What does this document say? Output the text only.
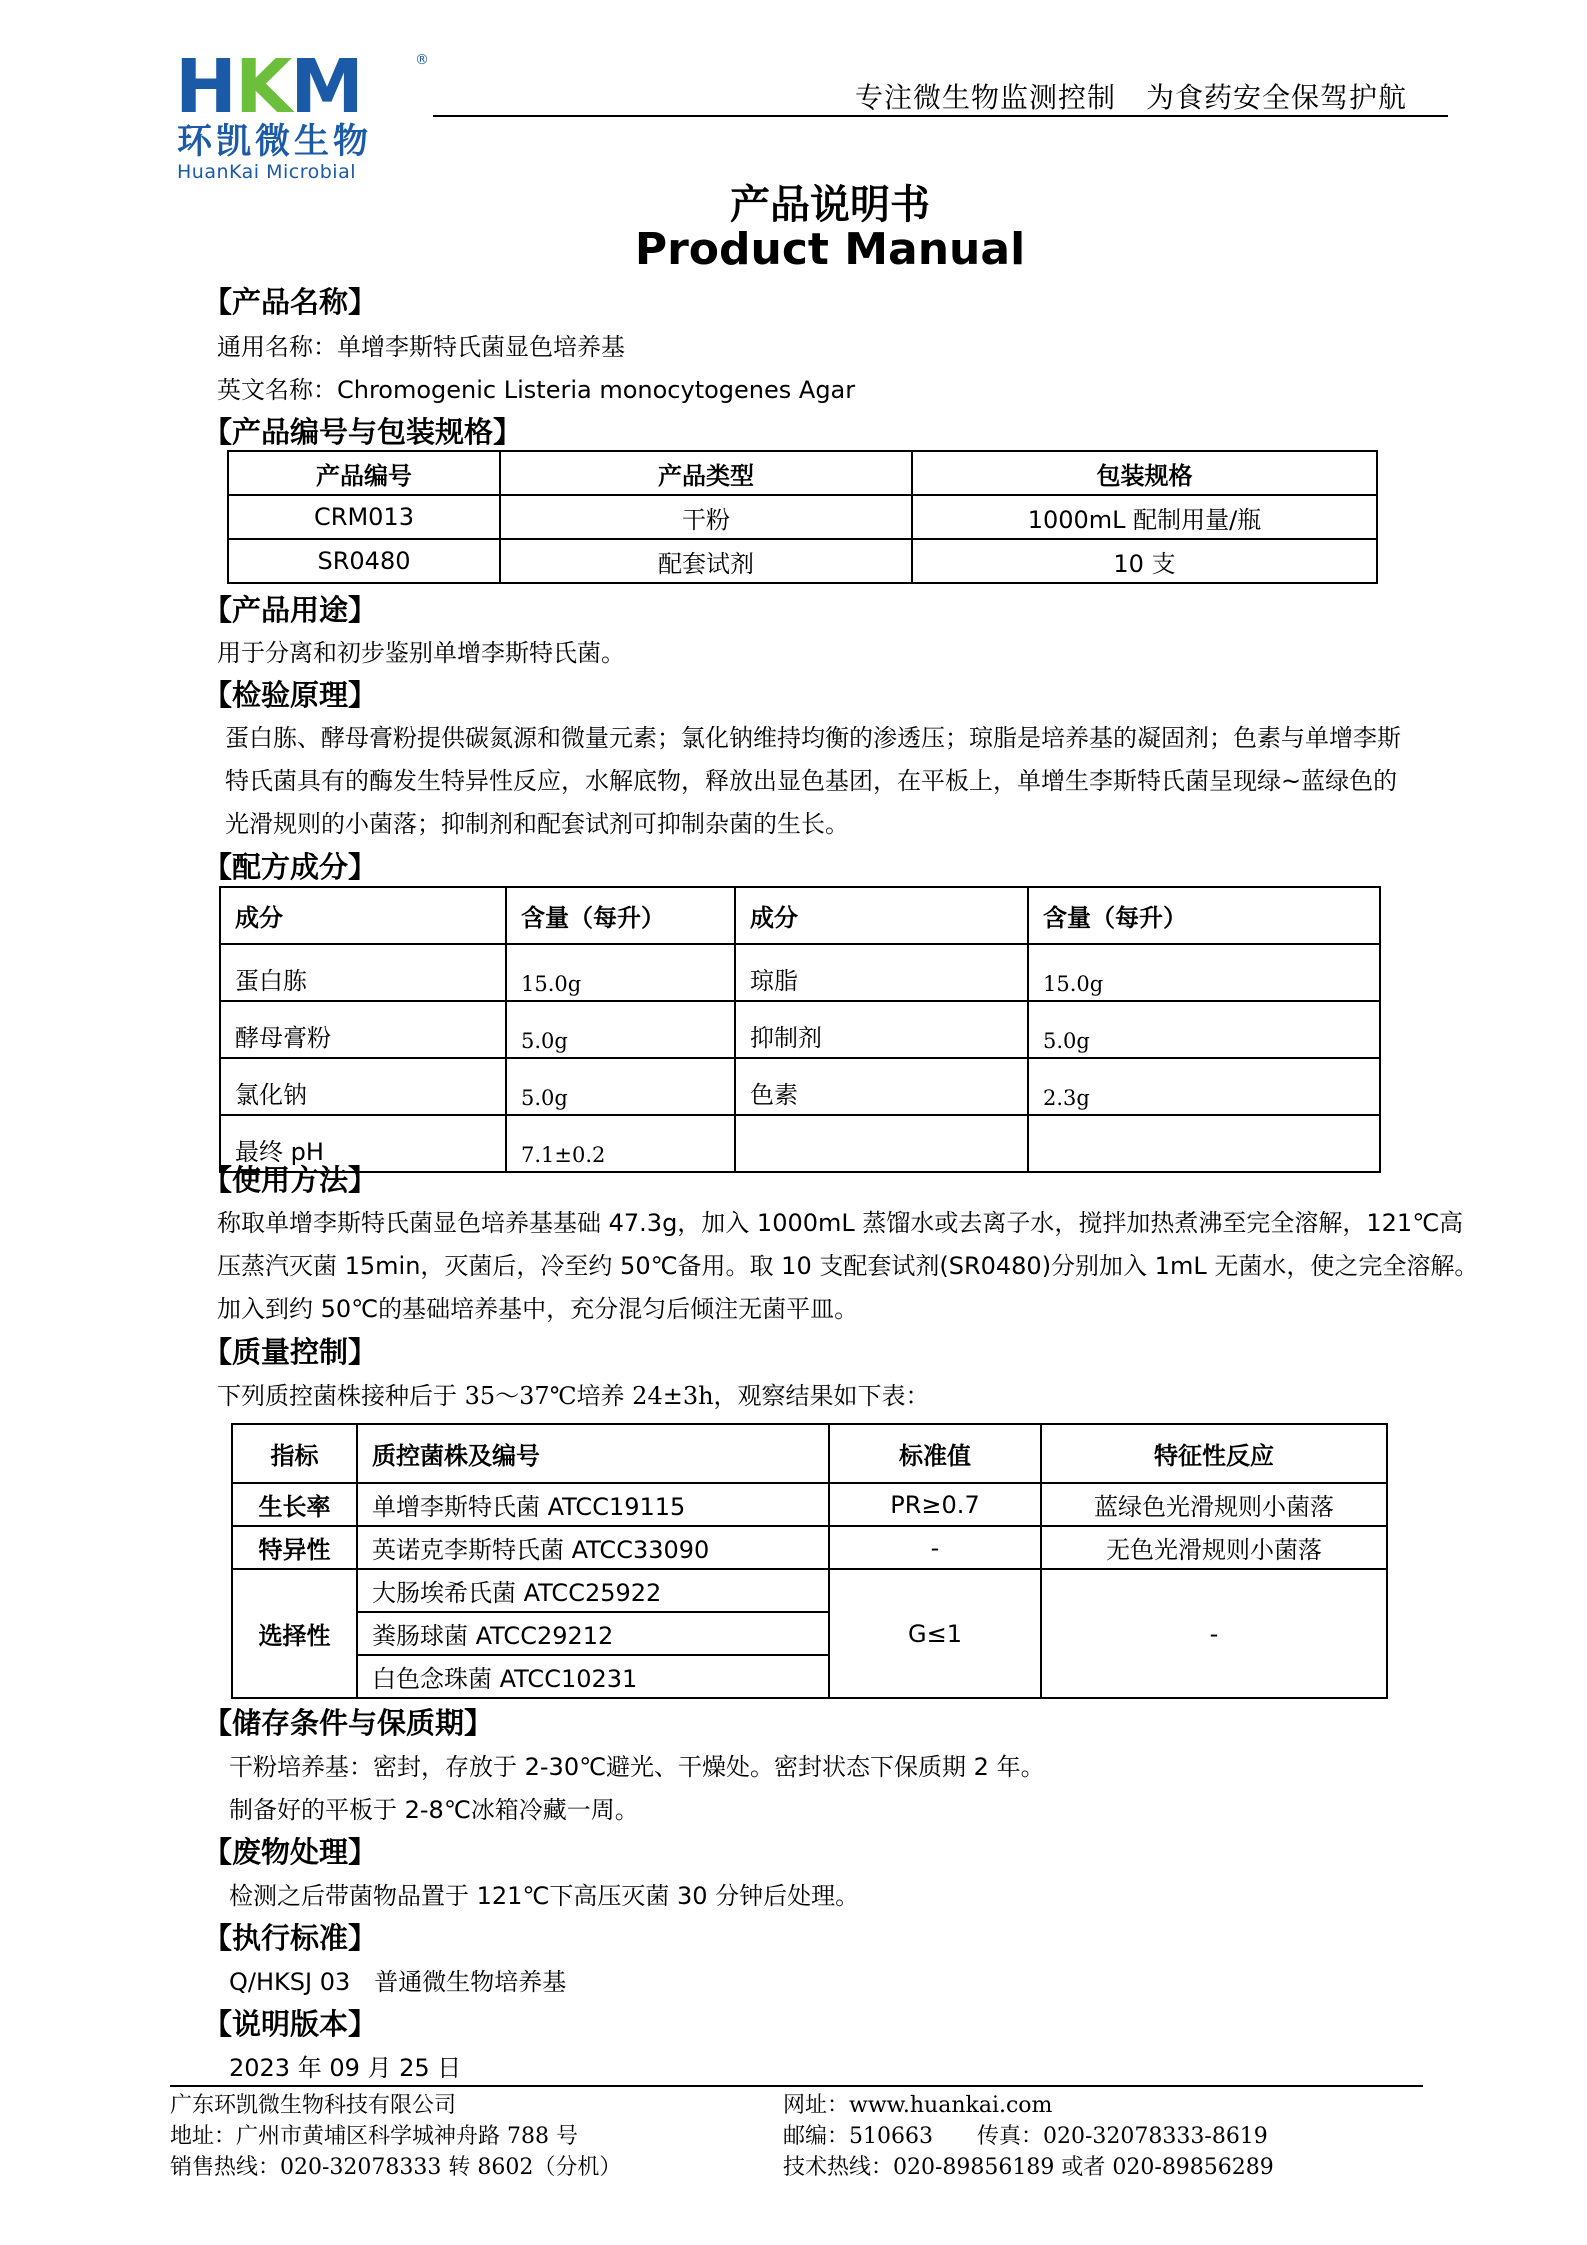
HKM	®
环凯微生物
HuanKai Microbial
专注微生物监测控制 为食药安全保驾护航
产品说明书
Product Manual
【产品名称】
通用名称：单增李斯特氏菌显色培养基
英文名称：Chromogenic Listeria monocytogenes Agar
【产品编号与包装规格】
产品编号	产品类型	包装规格
CRM013	干粉	1000mL 配制用量/瓶
SR0480	配套试剂	10 支
【产品用途】
用于分离和初步鉴别单增李斯特氏菌。
【检验原理】
蛋白胨、酵母膏粉提供碳氮源和微量元素；氯化钠维持均衡的渗透压；琼脂是培养基的凝固剂；色素与单增李斯
特氏菌具有的酶发生特异性反应，水解底物，释放出显色基团，在平板上，单增生李斯特氏菌呈现绿~蓝绿色的
光滑规则的小菌落；抑制剂和配套试剂可抑制杂菌的生长。
【配方成分】
成分	含量（每升）	成分	含量（每升）
蛋白胨	15.0g	琼脂	15.0g
酵母膏粉	5.0g	抑制剂	5.0g
氯化钠	5.0g	色素	2.3g
最终 pH	7.1±0.2		
【使用方法】
称取单增李斯特氏菌显色培养基基础 47.3g，加入 1000mL 蒸馏水或去离子水，搅拌加热煮沸至完全溶解，121℃高
压蒸汽灭菌 15min，灭菌后，冷至约 50℃备用。取 10 支配套试剂(SR0480)分别加入 1mL 无菌水，使之完全溶解。
加入到约 50℃的基础培养基中，充分混匀后倾注无菌平皿。
【质量控制】
下列质控菌株接种后于 35～37℃培养 24±3h，观察结果如下表：
指标	质控菌株及编号	标准值	特征性反应
生长率	单增李斯特氏菌 ATCC19115	PR≥0.7	蓝绿色光滑规则小菌落
特异性	英诺克李斯特氏菌 ATCC33090	-	无色光滑规则小菌落
选择性	大肠埃希氏菌 ATCC25922	G≤1	-
	粪肠球菌 ATCC29212		
	白色念珠菌 ATCC10231		
【储存条件与保质期】
干粉培养基：密封，存放于 2-30℃避光、干燥处。密封状态下保质期 2 年。
制备好的平板于 2-8℃冰箱冷藏一周。
【废物处理】
检测之后带菌物品置于 121℃下高压灭菌 30 分钟后处理。
【执行标准】
Q/HKSJ 03　普通微生物培养基
【说明版本】
2023 年 09 月 25 日
广东环凯微生物科技有限公司
地址：广州市黄埔区科学城神舟路 788 号
销售热线：020-32078333 转 8602（分机）
网址：www.huankai.com
邮编：510663　　传真：020-32078333-8619
技术热线：020-89856189 或者 020-89856289
